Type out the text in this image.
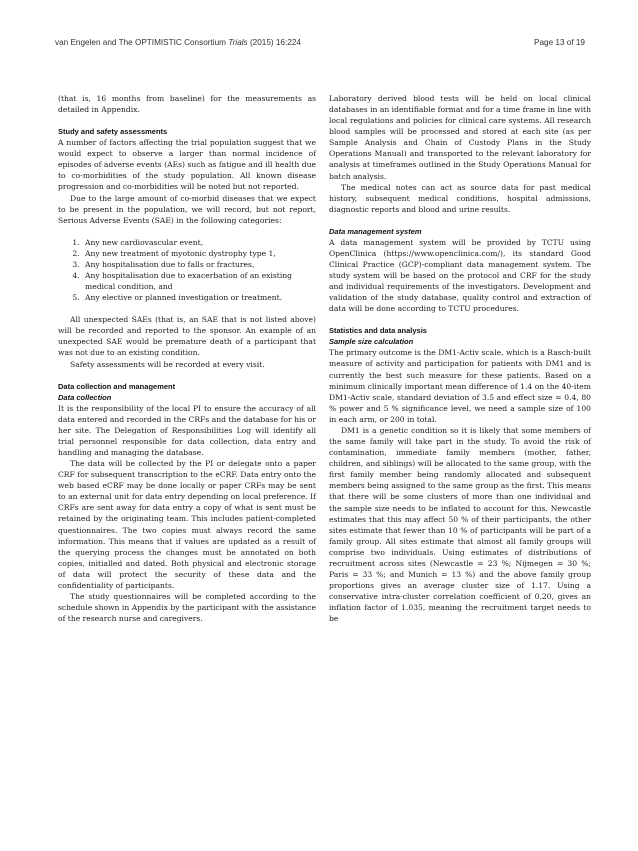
van Engelen and The OPTIMISTIC Consortium Trials (2015) 16:224	Page 13 of 19

(that is, 16 months from baseline) for the measurements as detailed in Appendix.

Study and safety assessments

A number of factors affecting the trial population suggest that we would expect to observe a larger than normal incidence of episodes of adverse events (AEs) such as fatigue and ill health due to co-morbidities of the study population. All known disease progression and co-morbidities will be noted but not reported.

Due to the large amount of co-morbid diseases that we expect to be present in the population, we will record, but not report, Serious Adverse Events (SAE) in the following categories:

1. Any new cardiovascular event,
2. Any new treatment of myotonic dystrophy type 1,
3. Any hospitalisation due to falls or fractures,
4. Any hospitalisation due to exacerbation of an existing medical condition, and
5. Any elective or planned investigation or treatment.

All unexpected SAEs (that is, an SAE that is not listed above) will be recorded and reported to the sponsor. An example of an unexpected SAE would be premature death of a participant that was not due to an existing condition.

Safety assessments will be recorded at every visit.

Data collection and management
Data collection

It is the responsibility of the local PI to ensure the accuracy of all data entered and recorded in the CRFs and the database for his or her site. The Delegation of Responsibilities Log will identify all trial personnel responsible for data collection, data entry and handling and managing the database.

The data will be collected by the PI or delegate onto a paper CRF for subsequent transcription to the eCRF. Data entry onto the web based eCRF may be done locally or paper CRFs may be sent to an external unit for data entry depending on local preference. If CRFs are sent away for data entry a copy of what is sent must be retained by the originating team. This includes patient-completed questionnaires. The two copies must always record the same information. This means that if values are updated as a result of the querying process the changes must be annotated on both copies, initialled and dated. Both physical and electronic storage of data will protect the security of these data and the confidentiality of participants.

The study questionnaires will be completed according to the schedule shown in Appendix by the participant with the assistance of the research nurse and caregivers.

Laboratory derived blood tests will be held on local clinical databases in an identifiable format and for a time frame in line with local regulations and policies for clinical care systems. All research blood samples will be processed and stored at each site (as per Sample Analysis and Chain of Custody Plans in the Study Operations Manual) and transported to the relevant laboratory for analysis at timeframes outlined in the Study Operations Manual for batch analysis.

The medical notes can act as source data for past medical history, subsequent medical conditions, hospital admissions, diagnostic reports and blood and urine results.

Data management system

A data management system will be provided by TCTU using OpenClinica (https://www.openclinica.com/), its standard Good Clinical Practice (GCP)-compliant data management system. The study system will be based on the protocol and CRF for the study and individual requirements of the investigators. Development and validation of the study database, quality control and extraction of data will be done according to TCTU procedures.

Statistics and data analysis
Sample size calculation

The primary outcome is the DM1-Activ scale, which is a Rasch-built measure of activity and participation for patients with DM1 and is currently the best such measure for these patients. Based on a minimum clinically important mean difference of 1.4 on the 40-item DM1-Activ scale, standard deviation of 3.5 and effect size = 0.4, 80 % power and 5 % significance level, we need a sample size of 100 in each arm, or 200 in total.

DM1 is a genetic condition so it is likely that some members of the same family will take part in the study. To avoid the risk of contamination, immediate family members (mother, father, children, and siblings) will be allocated to the same group, with the first family member being randomly allocated and subsequent members being assigned to the same group as the first. This means that there will be some clusters of more than one individual and the sample size needs to be inflated to account for this. Newcastle estimates that this may affect 50 % of their participants, the other sites estimate that fewer than 10 % of participants will be part of a family group. All sites estimate that almost all family groups will comprise two individuals. Using estimates of distributions of recruitment across sites (Newcastle = 23 %; Nijmegen = 30 %; Paris = 33 %; and Munich = 13 %) and the above family group proportions gives an average cluster size of 1.17. Using a conservative intra-cluster correlation coefficient of 0.20, gives an inflation factor of 1.035, meaning the recruitment target needs to be
